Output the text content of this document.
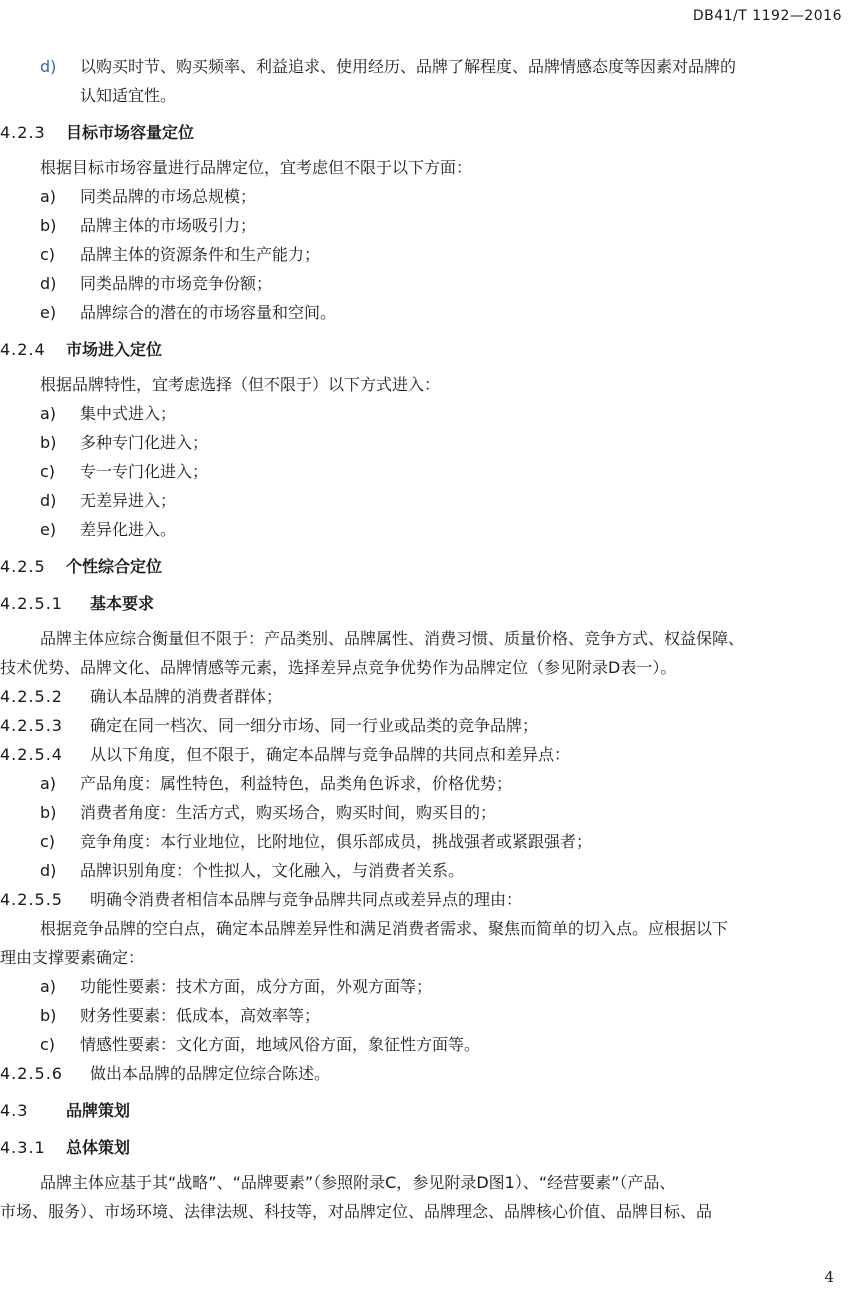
DB41/T 1192—2016
d) 以购买时节、购买频率、利益追求、使用经历、品牌了解程度、品牌情感态度等因素对品牌的
认知适宜性。
4.2.3 目标市场容量定位
根据目标市场容量进行品牌定位，宜考虑但不限于以下方面：
a) 同类品牌的市场总规模；
b) 品牌主体的市场吸引力；
c) 品牌主体的资源条件和生产能力；
d) 同类品牌的市场竞争份额；
e) 品牌综合的潜在的市场容量和空间。
4.2.4 市场进入定位
根据品牌特性，宜考虑选择（但不限于）以下方式进入：
a) 集中式进入；
b) 多种专门化进入；
c) 专一专门化进入；
d) 无差异进入；
e) 差异化进入。
4.2.5 个性综合定位
4.2.5.1 基本要求
品牌主体应综合衡量但不限于：产品类别、品牌属性、消费习惯、质量价格、竞争方式、权益保障、
技术优势、品牌文化、品牌情感等元素，选择差异点竞争优势作为品牌定位（参见附录D表一）。
4.2.5.2 确认本品牌的消费者群体；
4.2.5.3 确定在同一档次、同一细分市场、同一行业或品类的竞争品牌；
4.2.5.4 从以下角度，但不限于，确定本品牌与竞争品牌的共同点和差异点：
a) 产品角度：属性特色，利益特色，品类角色诉求，价格优势；
b) 消费者角度：生活方式，购买场合，购买时间，购买目的；
c) 竞争角度：本行业地位，比附地位，俱乐部成员，挑战强者或紧跟强者；
d) 品牌识别角度：个性拟人，文化融入，与消费者关系。
4.2.5.5 明确令消费者相信本品牌与竞争品牌共同点或差异点的理由：
根据竞争品牌的空白点，确定本品牌差异性和满足消费者需求、聚焦而简单的切入点。应根据以下
理由支撑要素确定：
a) 功能性要素：技术方面，成分方面，外观方面等；
b) 财务性要素：低成本，高效率等；
c) 情感性要素：文化方面，地域风俗方面，象征性方面等。
4.2.5.6 做出本品牌的品牌定位综合陈述。
4.3 品牌策划
4.3.1 总体策划
品牌主体应基于其“战略”、“品牌要素”（参照附录C，参见附录D图1）、“经营要素”（产品、
市场、服务）、市场环境、法律法规、科技等，对品牌定位、品牌理念、品牌核心价值、品牌目标、品
4
